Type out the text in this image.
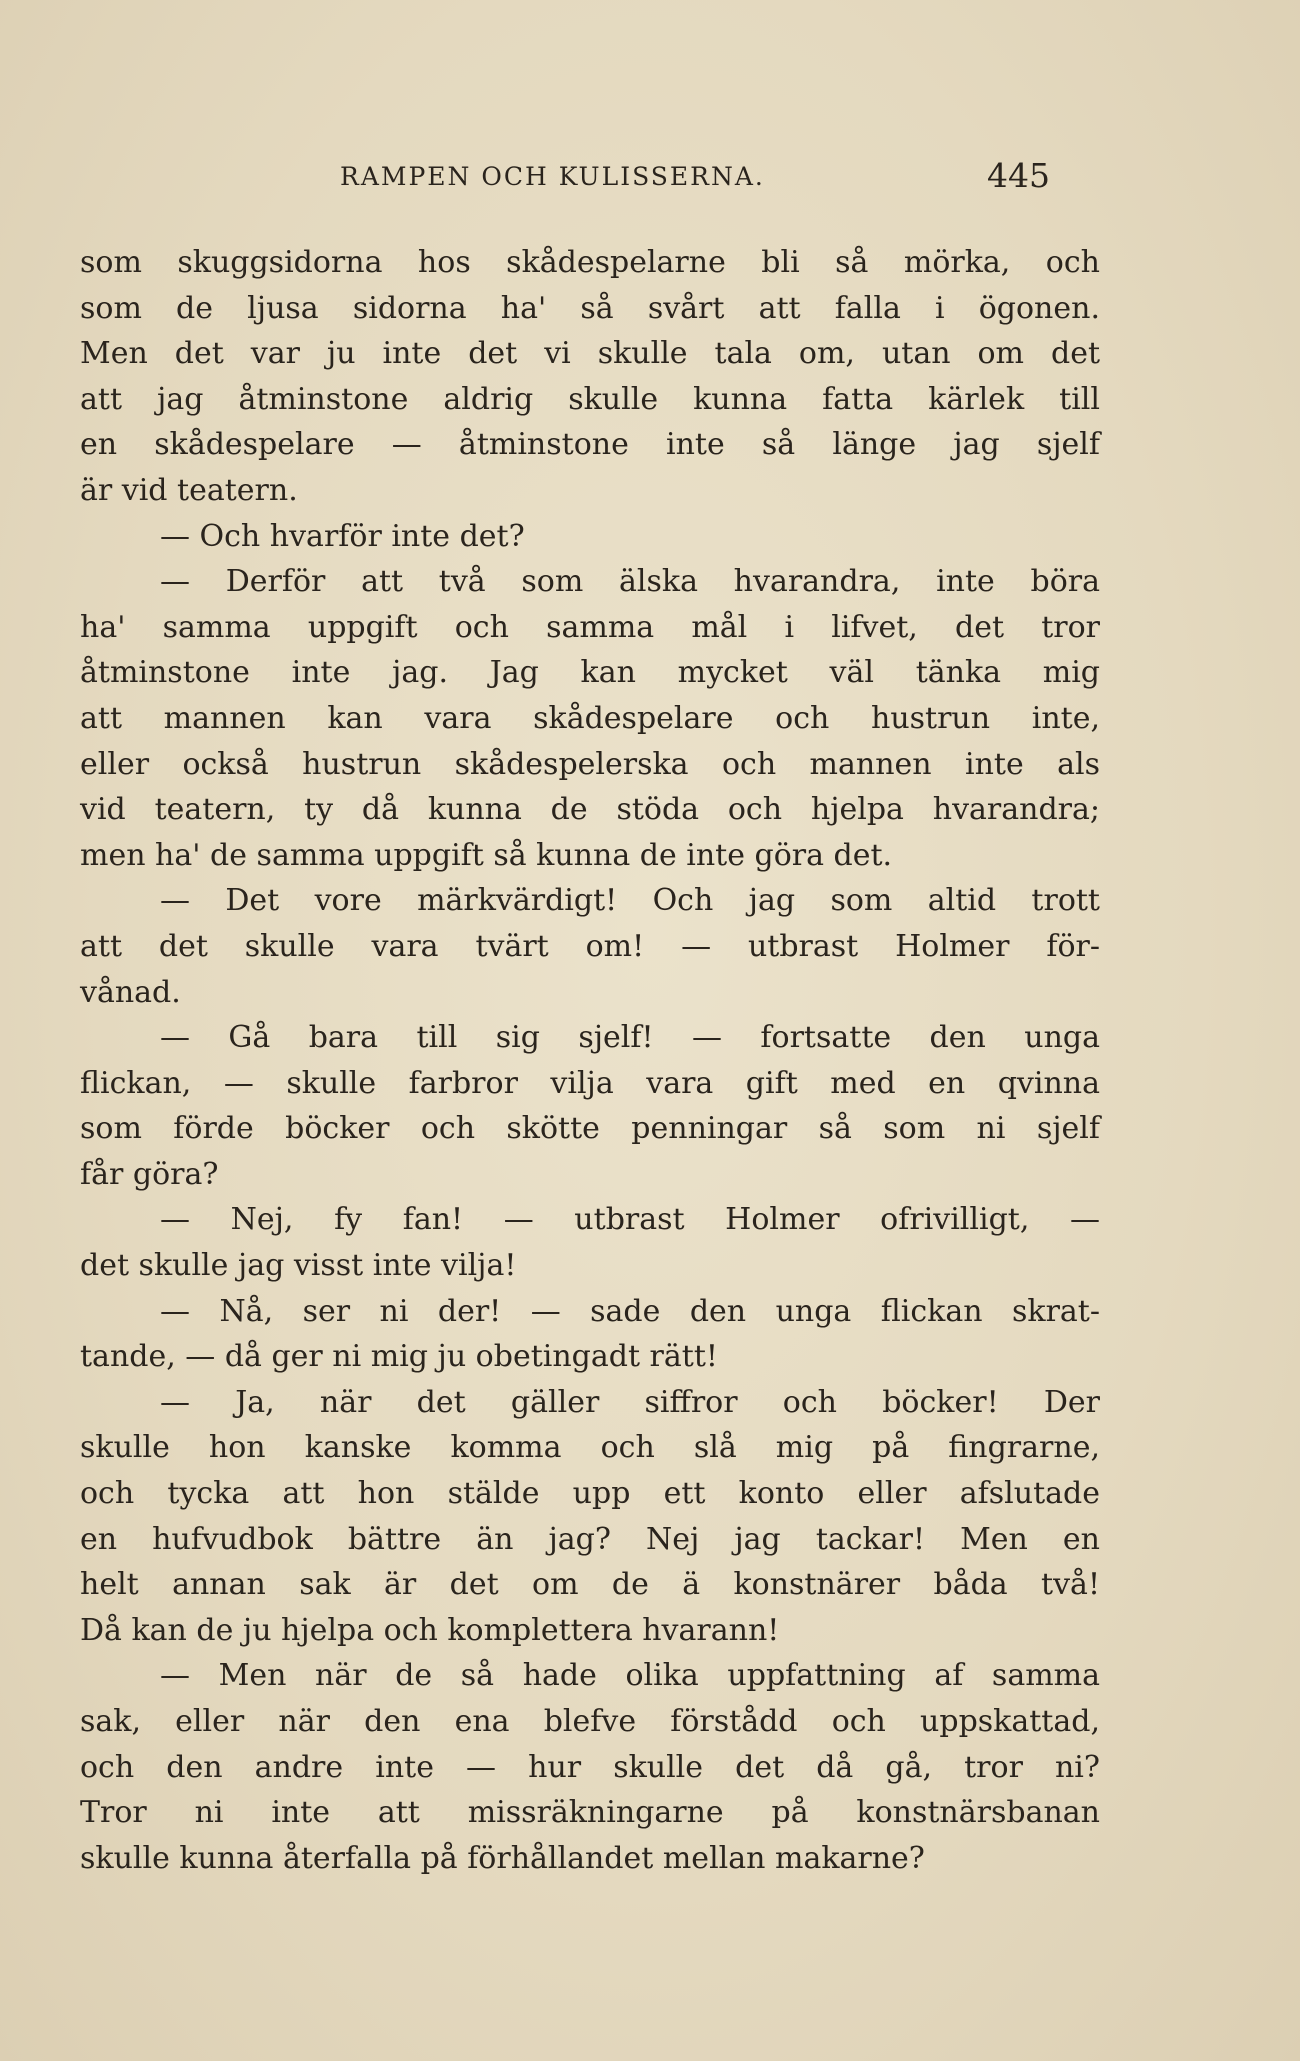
RAMPEN OCH KULISSERNA.	445
som skuggsidorna hos skådespelarne bli så mörka, och
som de ljusa sidorna ha' så svårt att falla i ögonen.
Men det var ju inte det vi skulle tala om, utan om det
att jag åtminstone aldrig skulle kunna fatta kärlek till
en skådespelare — åtminstone inte så länge jag sjelf
är vid teatern.
— Och hvarför inte det?
— Derför att två som älska hvarandra, inte böra
ha' samma uppgift och samma mål i lifvet, det tror
åtminstone inte jag. Jag kan mycket väl tänka mig
att mannen kan vara skådespelare och hustrun inte,
eller också hustrun skådespelerska och mannen inte als
vid teatern, ty då kunna de stöda och hjelpa hvarandra;
men ha' de samma uppgift så kunna de inte göra det.
— Det vore märkvärdigt! Och jag som altid trott
att det skulle vara tvärt om! — utbrast Holmer för-
vånad.
— Gå bara till sig sjelf! — fortsatte den unga
flickan, — skulle farbror vilja vara gift med en qvinna
som förde böcker och skötte penningar så som ni sjelf
får göra?
— Nej, fy fan! — utbrast Holmer ofrivilligt, —
det skulle jag visst inte vilja!
— Nå, ser ni der! — sade den unga flickan skrat-
tande, — då ger ni mig ju obetingadt rätt!
— Ja, när det gäller siffror och böcker! Der
skulle hon kanske komma och slå mig på fingrarne,
och tycka att hon stälde upp ett konto eller afslutade
en hufvudbok bättre än jag? Nej jag tackar! Men en
helt annan sak är det om de ä konstnärer båda två!
Då kan de ju hjelpa och komplettera hvarann!
— Men när de så hade olika uppfattning af samma
sak, eller när den ena blefve förstådd och uppskattad,
och den andre inte — hur skulle det då gå, tror ni?
Tror ni inte att missräkningarne på konstnärsbanan
skulle kunna återfalla på förhållandet mellan makarne?
